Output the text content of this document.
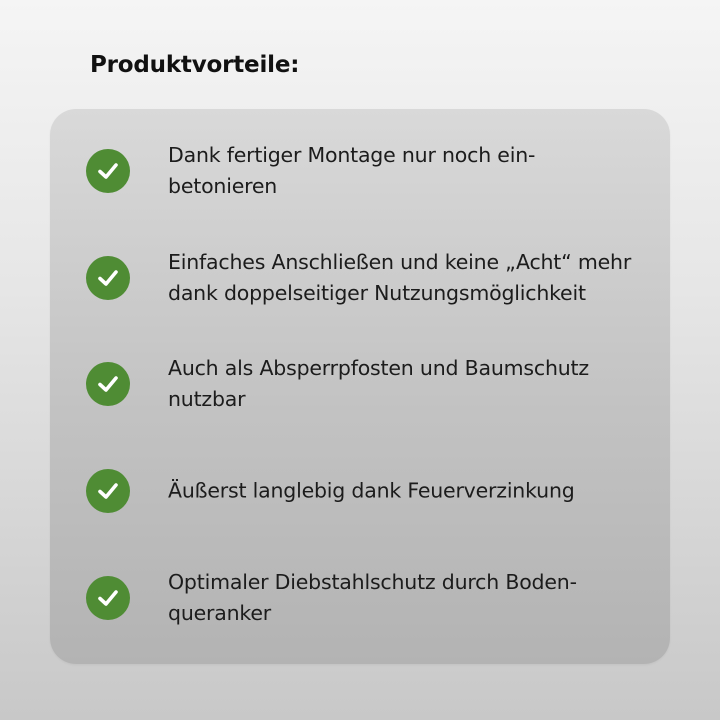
Produktvorteile:
Dank fertiger Montage nur noch ein-
betonieren
Einfaches Anschließen und keine „Acht“ mehr
dank doppelseitiger Nutzungsmöglichkeit
Auch als Absperrpfosten und Baumschutz
nutzbar
Äußerst langlebig dank Feuerverzinkung
Optimaler Diebstahlschutz durch Boden-
queranker
